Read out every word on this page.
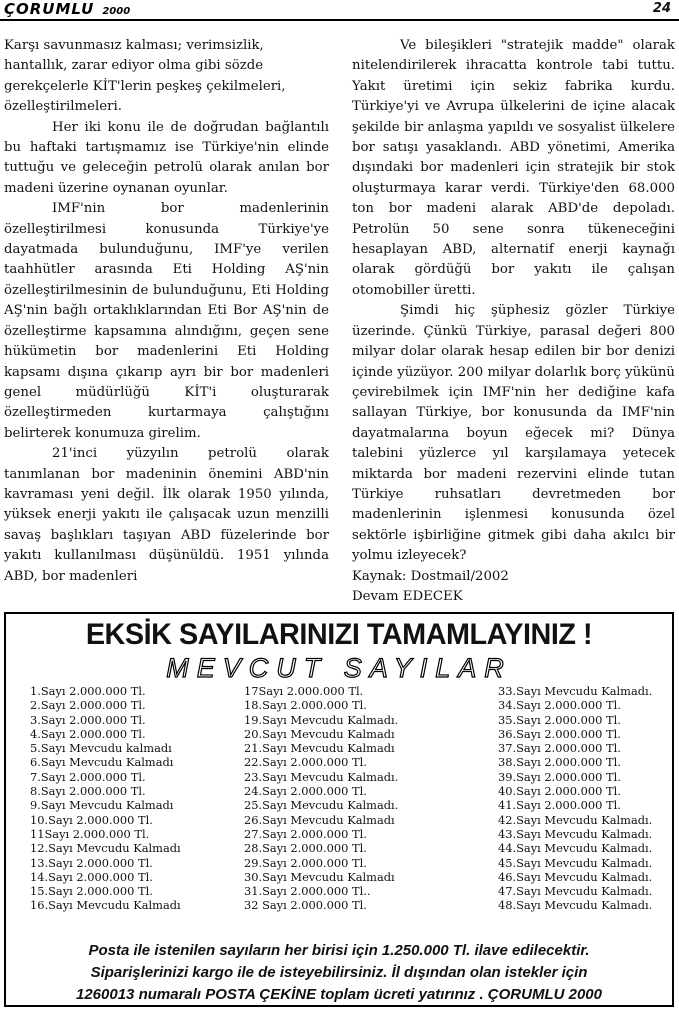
ÇORUMLU 2000	24

Karşı savunmasız kalması; verimsizlik, hantallık, zarar ediyor olma gibi sözde gerekçelerle KİT'lerin peşkeş çekilmeleri, özelleştirilmeleri.

Her iki konu ile de doğrudan bağlantılı bu haftaki tartışmamız ise Türkiye'nin elinde tuttuğu ve geleceğin petrolü olarak anılan bor madeni üzerine oynanan oyunlar.

IMF'nin bor madenlerinin özelleştirilmesi konusunda Türkiye'ye dayatmada bulunduğunu, IMF'ye verilen taahhütler arasında Eti Holding AŞ'nin özelleştirilmesinin de bulunduğunu, Eti Holding AŞ'nin bağlı ortaklıklarından Eti Bor AŞ'nin de özelleştirme kapsamına alındığını, geçen sene hükümetin bor madenlerini Eti Holding kapsamı dışına çıkarıp ayrı bir bor madenleri genel müdürlüğü KİT'i oluşturarak özelleştirmeden kurtarmaya çalıştığını belirterek konumuza girelim.

21'inci yüzyılın petrolü olarak tanımlanan bor madeninin önemini ABD'nin kavraması yeni değil. İlk olarak 1950 yılında, yüksek enerji yakıtı ile çalışacak uzun menzilli savaş başlıkları taşıyan ABD füzelerinde bor yakıtı kullanılması düşünüldü. 1951 yılında ABD, bor madenleri

Ve bileşikleri "stratejik madde" olarak nitelendirilerek ihracatta kontrole tabi tuttu. Yakıt üretimi için sekiz fabrika kurdu. Türkiye'yi ve Avrupa ülkelerini de içine alacak şekilde bir anlaşma yapıldı ve sosyalist ülkelere bor satışı yasaklandı. ABD yönetimi, Amerika dışındaki bor madenleri için stratejik bir stok oluşturmaya karar verdi. Türkiye'den 68.000 ton bor madeni alarak ABD'de depoladı. Petrolün 50 sene sonra tükeneceğini hesaplayan ABD, alternatif enerji kaynağı olarak gördüğü bor yakıtı ile çalışan otomobiller üretti.

Şimdi hiç şüphesiz gözler Türkiye üzerinde. Çünkü Türkiye, parasal değeri 800 milyar dolar olarak hesap edilen bir bor denizi içinde yüzüyor. 200 milyar dolarlık borç yükünü çevirebilmek için IMF'nin her dediğine kafa sallayan Türkiye, bor konusunda da IMF'nin dayatmalarına boyun eğecek mi? Dünya talebini yüzlerce yıl karşılamaya yetecek miktarda bor madeni rezervini elinde tutan Türkiye ruhsatları devretmeden bor madenlerinin işlenmesi konusunda özel sektörle işbirliğine gitmek gibi daha akılcı bir yolmu izleyecek?

Kaynak: Dostmail/2002

Devam EDECEK

EKSİK SAYILARINIZI TAMAMLAYINIZ !
MEVCUT SAYILAR
1.Sayı 2.000.000 Tl.
2.Sayı 2.000.000 Tl.
3.Sayı 2.000.000 Tl.
4.Sayı 2.000.000 Tl.
5.Sayı Mevcudu kalmadı
6.Sayı Mevcudu Kalmadı
7.Sayı 2.000.000 Tl.
8.Sayı 2.000.000 Tl.
9.Sayı Mevcudu Kalmadı
10.Sayı 2.000.000 Tl.
11Sayı 2.000.000 Tl.
12.Sayı Mevcudu Kalmadı
13.Sayı 2.000.000 Tl.
14.Sayı 2.000.000 Tl.
15.Sayı 2.000.000 Tl.
16.Sayı Mevcudu Kalmadı
17Sayı 2.000.000 Tl.
18.Sayı 2.000.000 Tl.
19.Sayı Mevcudu Kalmadı.
20.Sayı Mevcudu Kalmadı
21.Sayı Mevcudu Kalmadı
22.Sayı 2.000.000 Tl.
23.Sayı Mevcudu Kalmadı.
24.Sayı 2.000.000 Tl.
25.Sayı Mevcudu Kalmadı.
26.Sayı Mevcudu Kalmadı
27.Sayı 2.000.000 Tl.
28.Sayı 2.000.000 Tl.
29.Sayı 2.000.000 Tl.
30.Sayı Mevcudu Kalmadı
31.Sayı 2.000.000 Tl..
32 Sayı 2.000.000 Tl.
33.Sayı Mevcudu Kalmadı.
34.Sayı 2.000.000 Tl.
35.Sayı 2.000.000 Tl.
36.Sayı 2.000.000 Tl.
37.Sayı 2.000.000 Tl.
38.Sayı 2.000.000 Tl.
39.Sayı 2.000.000 Tl.
40.Sayı 2.000.000 Tl.
41.Sayı 2.000.000 Tl.
42.Sayı Mevcudu Kalmadı.
43.Sayı Mevcudu Kalmadı.
44.Sayı Mevcudu Kalmadı.
45.Sayı Mevcudu Kalmadı.
46.Sayı Mevcudu Kalmadı.
47.Sayı Mevcudu Kalmadı.
48.Sayı Mevcudu Kalmadı.
Posta ile istenilen sayıların her birisi için 1.250.000 Tl. ilave edilecektir.
Siparişlerinizi kargo ile de isteyebilirsiniz. İl dışından olan istekler için
1260013 numaralı POSTA ÇEKİNE toplam ücreti yatırınız . ÇORUMLU 2000
